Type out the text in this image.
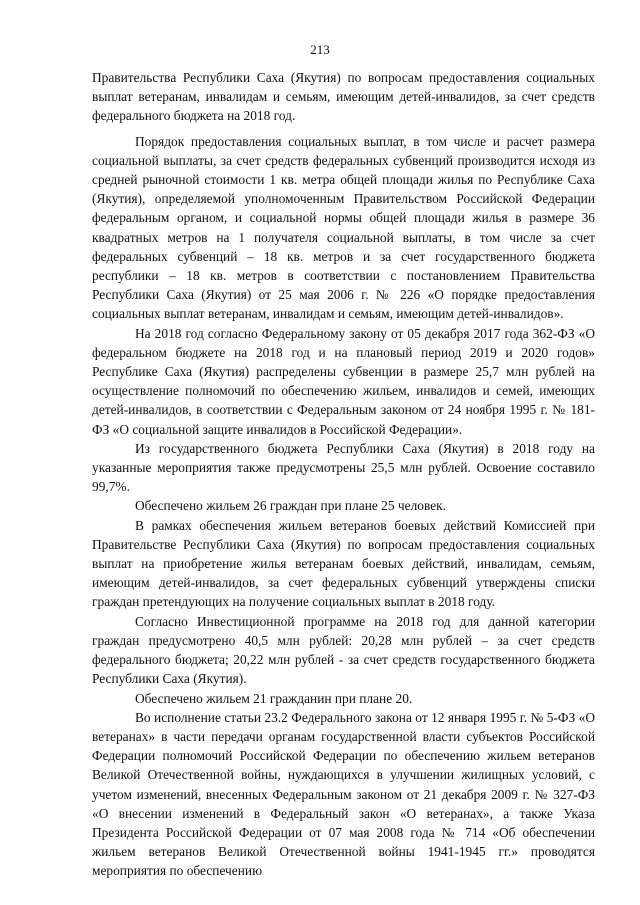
213

Правительства Республики Саха (Якутия) по вопросам предоставления социальных выплат ветеранам, инвалидам и семьям, имеющим детей-инвалидов, за счет средств федерального бюджета на 2018 год.

Порядок предоставления социальных выплат, в том числе и расчет размера социальной выплаты, за счет средств федеральных субвенций производится исходя из средней рыночной стоимости 1 кв. метра общей площади жилья по Республике Саха (Якутия), определяемой уполномоченным Правительством Российской Федерации федеральным органом, и социальной нормы общей площади жилья в размере 36 квадратных метров на 1 получателя социальной выплаты, в том числе за счет федеральных субвенций – 18 кв. метров и за счет государственного бюджета республики – 18 кв. метров в соответствии с постановлением Правительства Республики Саха (Якутия) от 25 мая 2006 г. № 226 «О порядке предоставления социальных выплат ветеранам, инвалидам и семьям, имеющим детей-инвалидов».

На 2018 год согласно Федеральному закону от 05 декабря 2017 года 362-ФЗ «О федеральном бюджете на 2018 год и на плановый период 2019 и 2020 годов» Республике Саха (Якутия) распределены субвенции в размере 25,7 млн рублей на осуществление полномочий по обеспечению жильем, инвалидов и семей, имеющих детей-инвалидов, в соответствии с Федеральным законом от 24 ноября 1995 г. № 181-ФЗ «О социальной защите инвалидов в Российской Федерации».

Из государственного бюджета Республики Саха (Якутия) в 2018 году на указанные мероприятия также предусмотрены 25,5 млн рублей. Освоение составило 99,7%.

Обеспечено жильем 26 граждан при плане 25 человек.

В рамках обеспечения жильем ветеранов боевых действий Комиссией при Правительстве Республики Саха (Якутия) по вопросам предоставления социальных выплат на приобретение жилья ветеранам боевых действий, инвалидам, семьям, имеющим детей-инвалидов, за счет федеральных субвенций утверждены списки граждан претендующих на получение социальных выплат в 2018 году.

Согласно Инвестиционной программе на 2018 год для данной категории граждан предусмотрено 40,5 млн рублей: 20,28 млн рублей – за счет средств федерального бюджета; 20,22 млн рублей - за счет средств государственного бюджета Республики Саха (Якутия).

Обеспечено жильем 21 гражданин при плане 20.

Во исполнение статьи 23.2 Федерального закона от 12 января 1995 г. № 5-ФЗ «О ветеранах» в части передачи органам государственной власти субъектов Российской Федерации полномочий Российской Федерации по обеспечению жильем ветеранов Великой Отечественной войны, нуждающихся в улучшении жилищных условий, с учетом изменений, внесенных Федеральным законом от 21 декабря 2009 г. № 327-ФЗ «О внесении изменений в Федеральный закон «О ветеранах», а также Указа Президента Российской Федерации от 07 мая 2008 года № 714 «Об обеспечении жильем ветеранов Великой Отечественной войны 1941-1945 гг.» проводятся мероприятия по обеспечению
